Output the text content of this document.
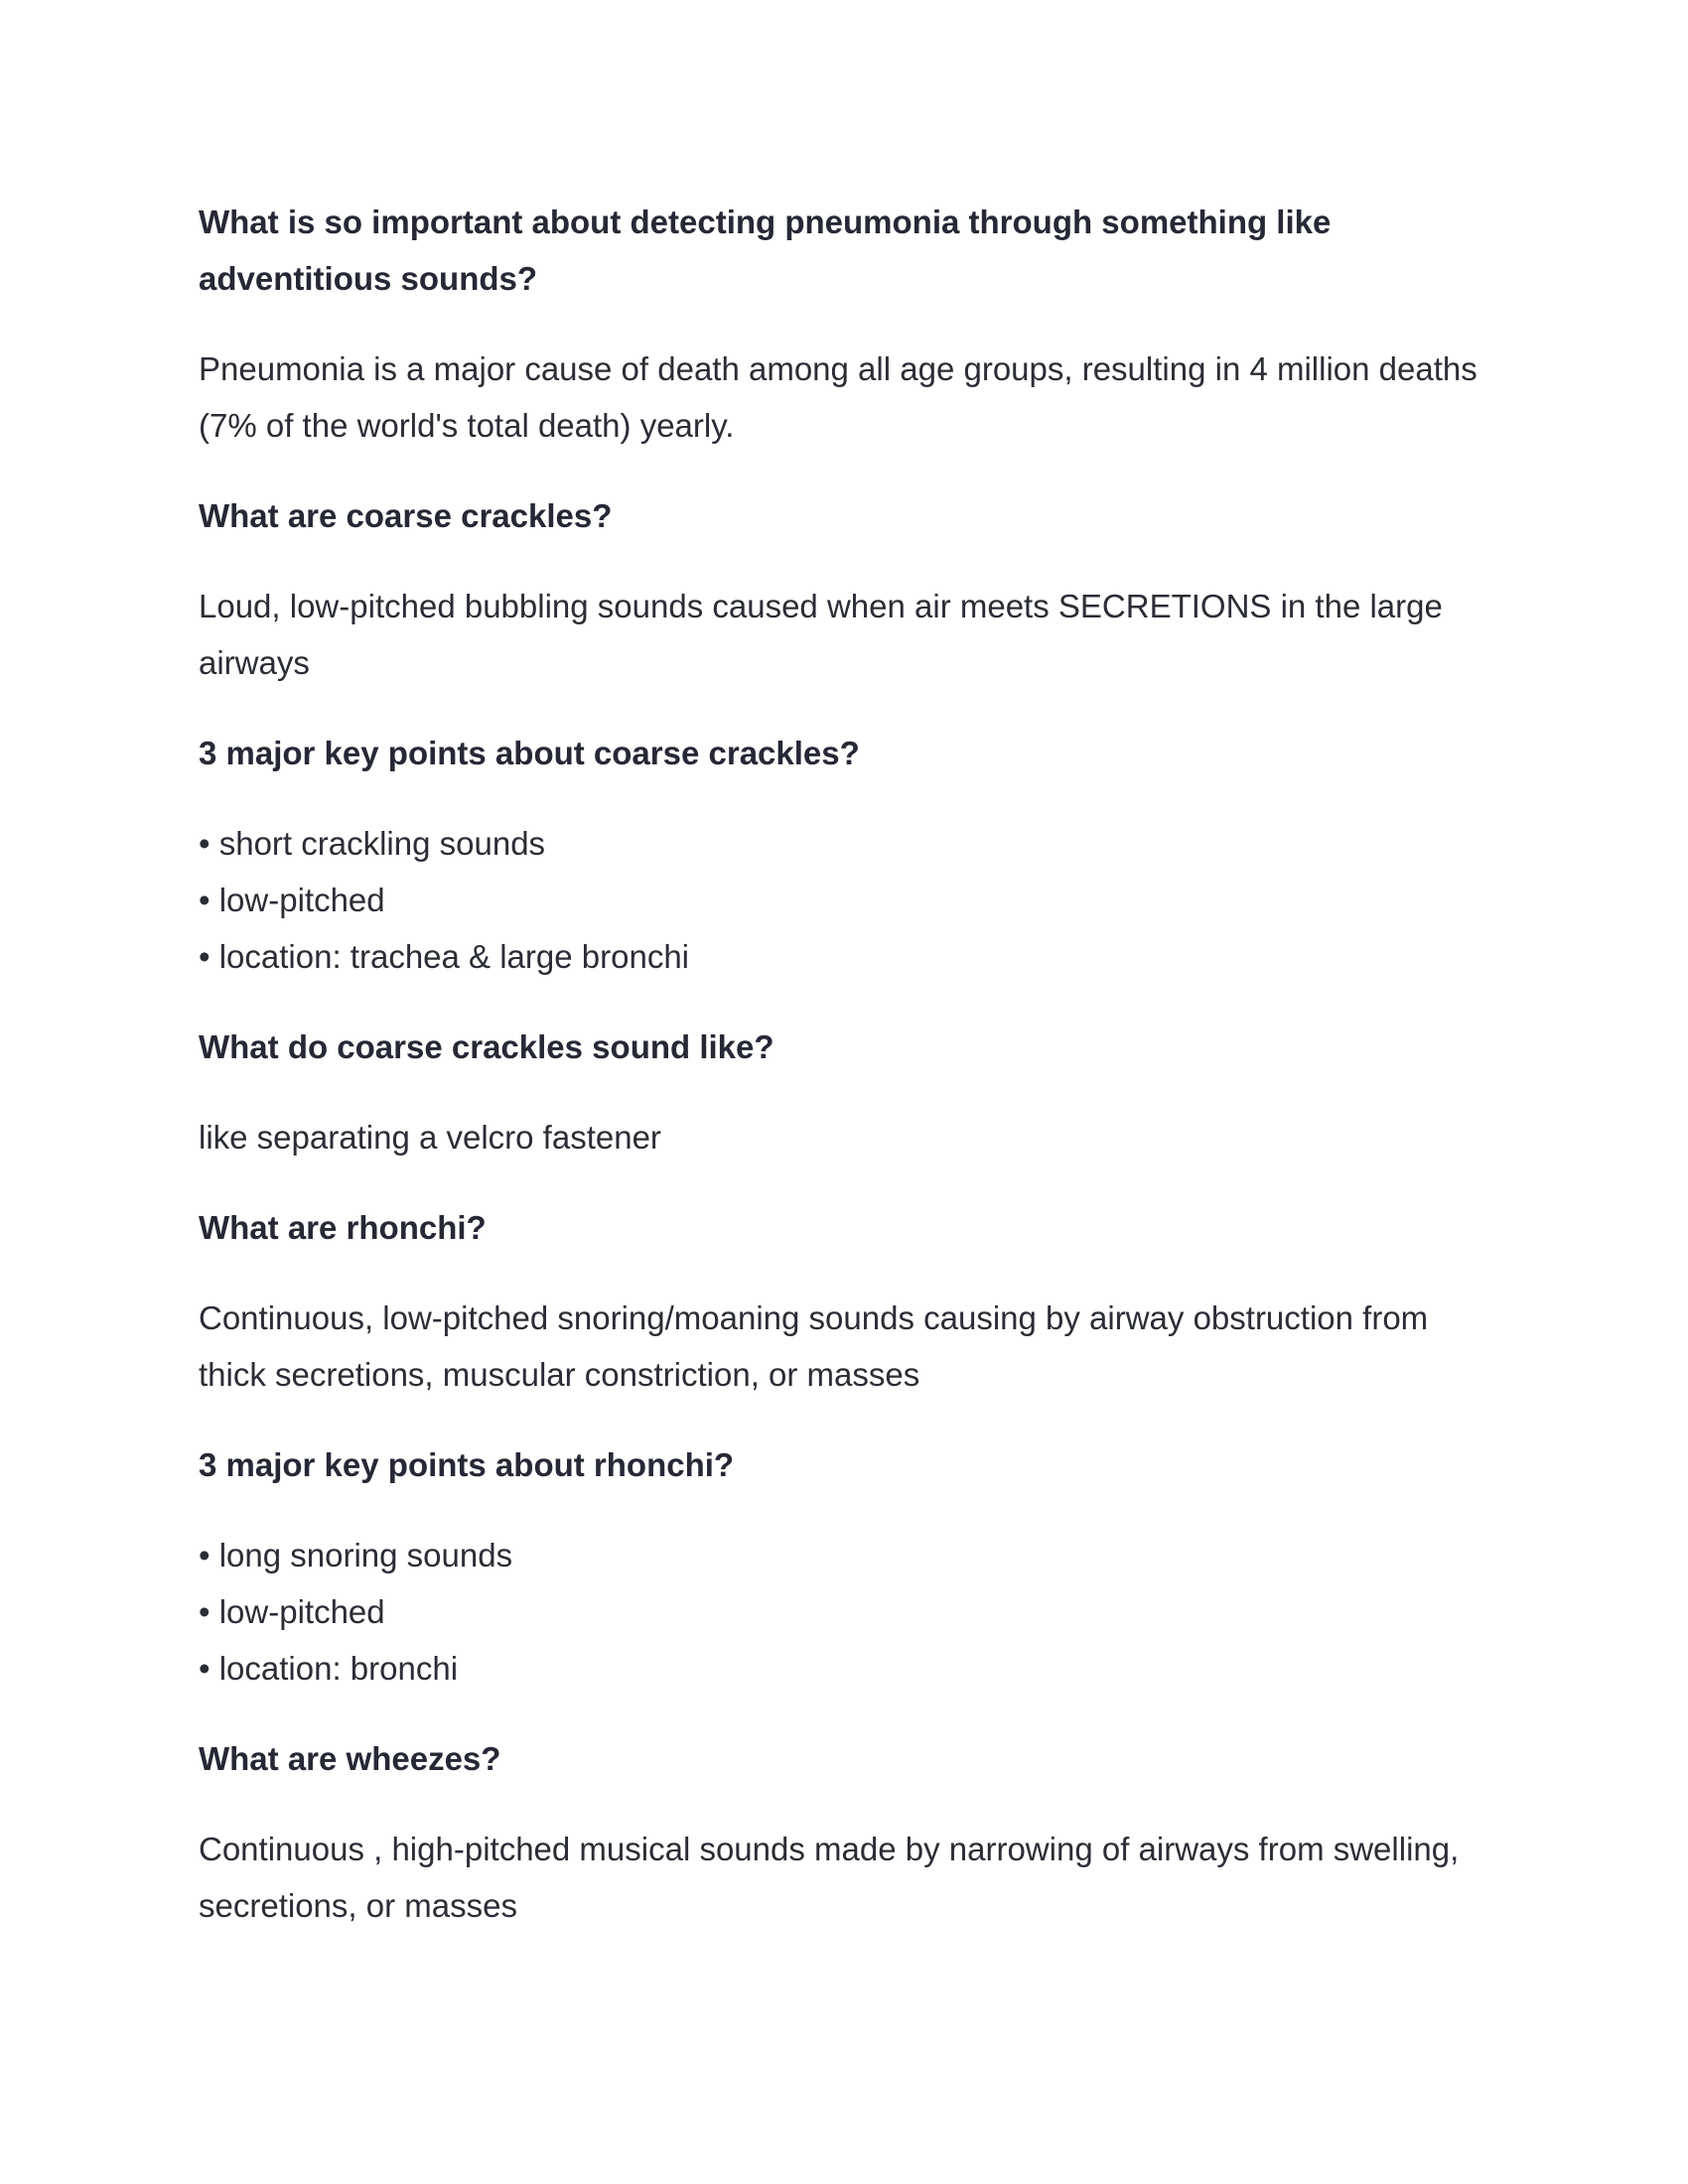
What is so important about detecting pneumonia through something like adventitious sounds?

Pneumonia is a major cause of death among all age groups, resulting in 4 million deaths (7% of the world's total death) yearly.

What are coarse crackles?

Loud, low-pitched bubbling sounds caused when air meets SECRETIONS in the large airways

3 major key points about coarse crackles?

• short crackling sounds
• low-pitched
• location: trachea & large bronchi

What do coarse crackles sound like?

like separating a velcro fastener

What are rhonchi?

Continuous, low-pitched snoring/moaning sounds causing by airway obstruction from thick secretions, muscular constriction, or masses

3 major key points about rhonchi?

• long snoring sounds
• low-pitched
• location: bronchi

What are wheezes?

Continuous , high-pitched musical sounds made by narrowing of airways from swelling, secretions, or masses
